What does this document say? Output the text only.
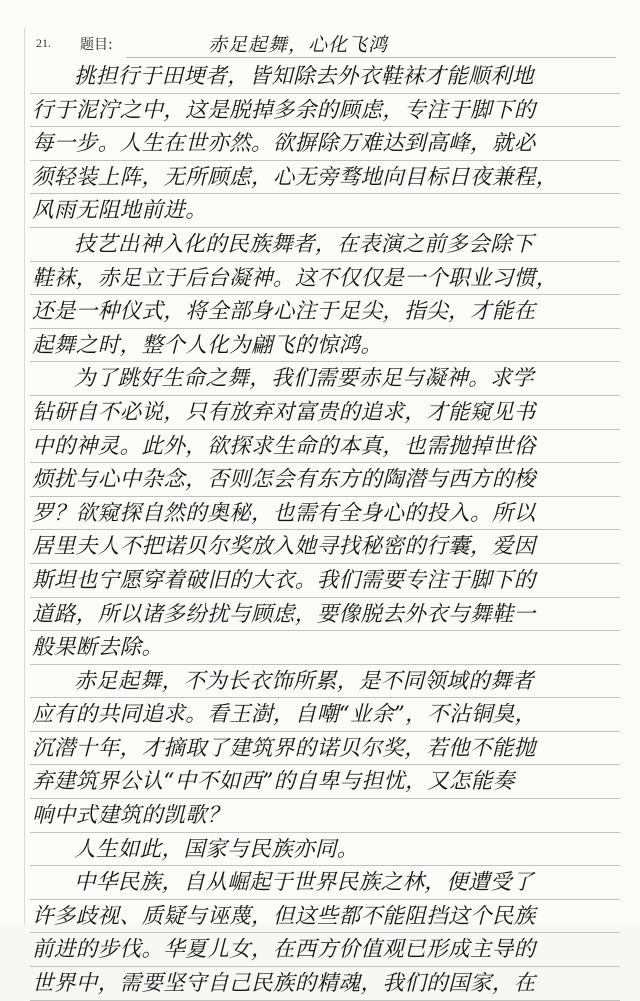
21. 题目:	赤足起舞，心化飞鸿
挑担行于田埂者，皆知除去外衣鞋袜才能顺利地
行于泥泞之中，这是脱掉多余的顾虑，专注于脚下的
每一步。人生在世亦然。欲摒除万难达到高峰，就必
须轻装上阵，无所顾虑，心无旁骛地向目标日夜兼程，
风雨无阻地前进。
技艺出神入化的民族舞者，在表演之前多会除下
鞋袜，赤足立于后台凝神。这不仅仅是一个职业习惯，
还是一种仪式，将全部身心注于足尖，指尖，才能在
起舞之时，整个人化为翩飞的惊鸿。
为了跳好生命之舞，我们需要赤足与凝神。求学
钻研自不必说，只有放弃对富贵的追求，才能窥见书
中的神灵。此外，欲探求生命的本真，也需抛掉世俗
烦扰与心中杂念，否则怎会有东方的陶潜与西方的梭
罗？欲窥探自然的奥秘，也需有全身心的投入。所以
居里夫人不把诺贝尔奖放入她寻找秘密的行囊，爱因
斯坦也宁愿穿着破旧的大衣。我们需要专注于脚下的
道路，所以诸多纷扰与顾虑，要像脱去外衣与舞鞋一
般果断去除。
赤足起舞，不为长衣饰所累，是不同领域的舞者
应有的共同追求。看王澍，自嘲“业余”，不沾铜臭，
沉潜十年，才摘取了建筑界的诺贝尔奖，若他不能抛
弃建筑界公认“中不如西”的自卑与担忧，又怎能奏
响中式建筑的凯歌？
人生如此，国家与民族亦同。
中华民族，自从崛起于世界民族之林，便遭受了
许多歧视、质疑与诬蔑，但这些都不能阻挡这个民族
前进的步伐。华夏儿女，在西方价值观已形成主导的
世界中，需要坚守自己民族的精魂，我们的国家，在
